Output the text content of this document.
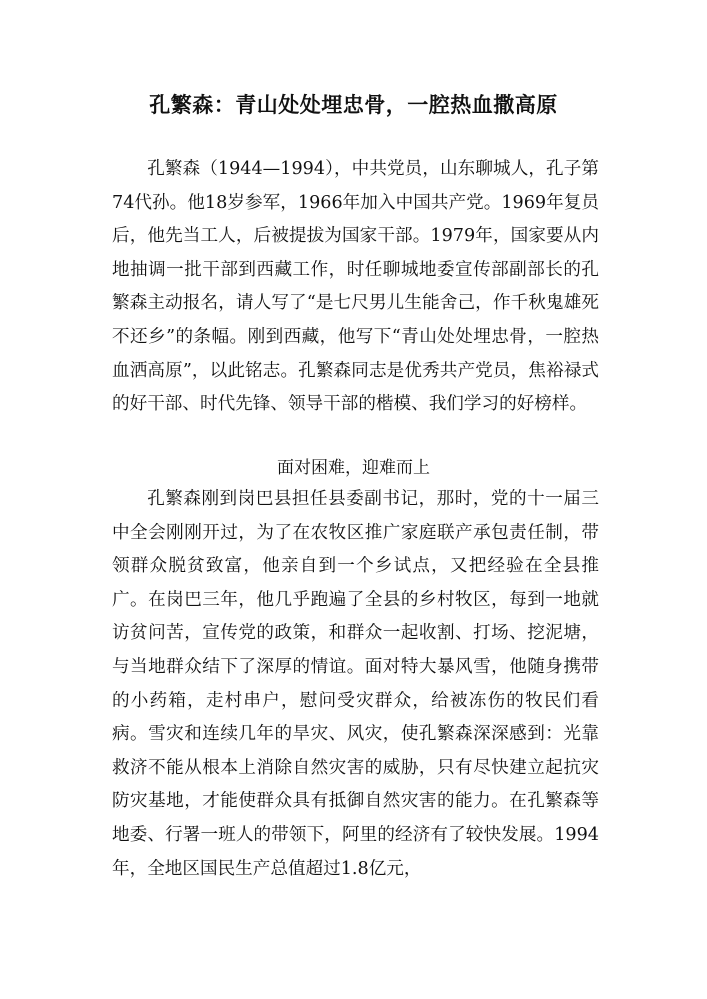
孔繁森：青山处处埋忠骨，一腔热血撒高原

孔繁森（1944—1994），中共党员，山东聊城人，孔子第74代孙。他18岁参军，1966年加入中国共产党。1969年复员后，他先当工人，后被提拔为国家干部。1979年，国家要从内地抽调一批干部到西藏工作，时任聊城地委宣传部副部长的孔繁森主动报名，请人写了“是七尺男儿生能舍己，作千秋鬼雄死不还乡”的条幅。刚到西藏，他写下“青山处处埋忠骨，一腔热血洒高原”，以此铭志。孔繁森同志是优秀共产党员，焦裕禄式的好干部、时代先锋、领导干部的楷模、我们学习的好榜样。

面对困难，迎难而上

孔繁森刚到岗巴县担任县委副书记，那时，党的十一届三中全会刚刚开过，为了在农牧区推广家庭联产承包责任制，带领群众脱贫致富，他亲自到一个乡试点，又把经验在全县推广。在岗巴三年，他几乎跑遍了全县的乡村牧区，每到一地就访贫问苦，宣传党的政策，和群众一起收割、打场、挖泥塘，与当地群众结下了深厚的情谊。面对特大暴风雪，他随身携带的小药箱，走村串户，慰问受灾群众，给被冻伤的牧民们看病。雪灾和连续几年的旱灾、风灾，使孔繁森深深感到：光靠救济不能从根本上消除自然灾害的威胁，只有尽快建立起抗灾防灾基地，才能使群众具有抵御自然灾害的能力。在孔繁森等地委、行署一班人的带领下，阿里的经济有了较快发展。1994年，全地区国民生产总值超过1.8亿元，
